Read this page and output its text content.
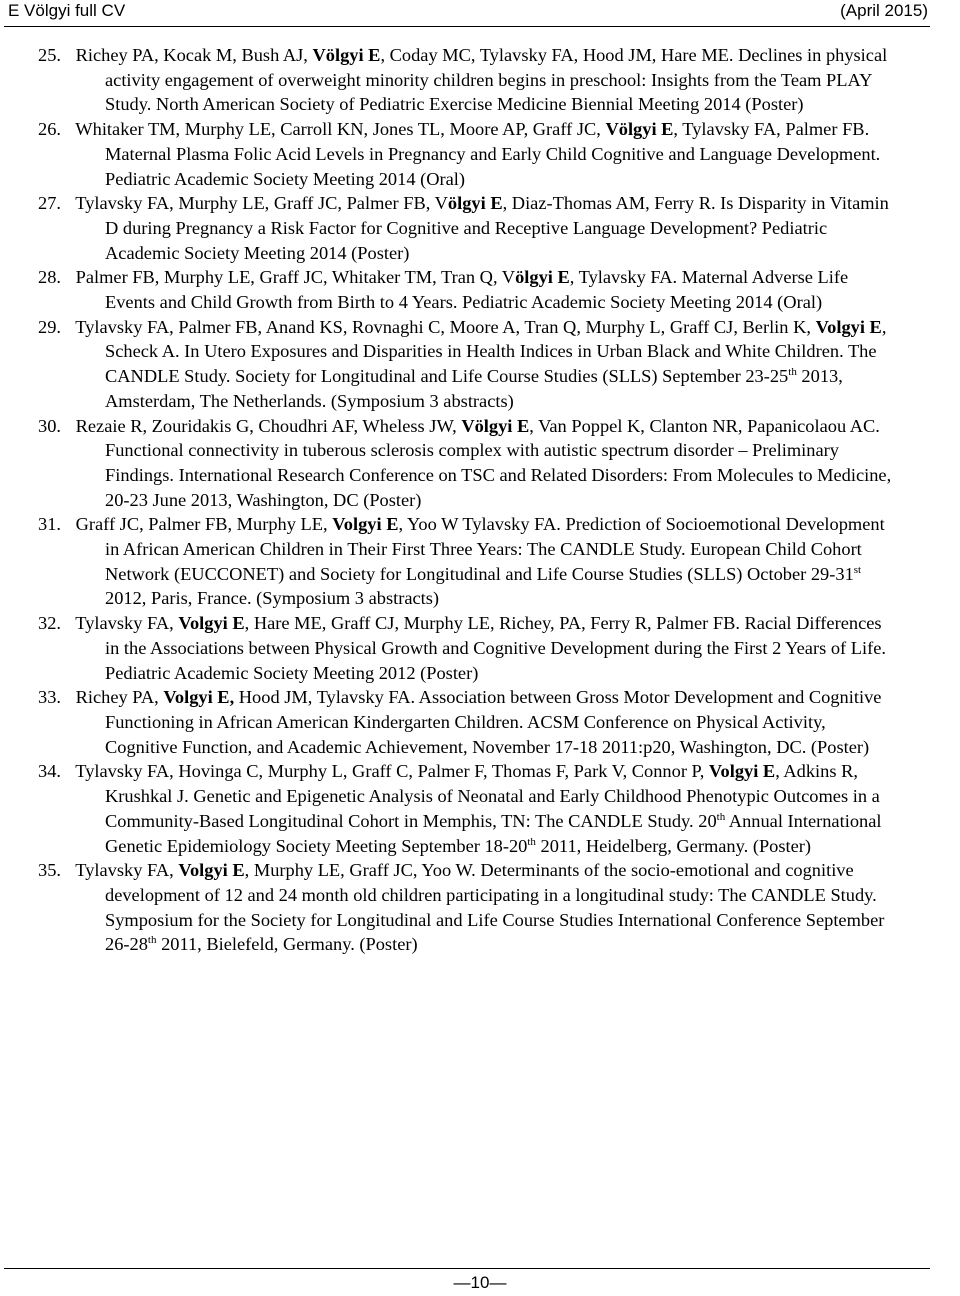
E Völgyi full CV	(April 2015)

25. Richey PA, Kocak M, Bush AJ, Völgyi E, Coday MC, Tylavsky FA, Hood JM, Hare ME. Declines in physical activity engagement of overweight minority children begins in preschool: Insights from the Team PLAY Study. North American Society of Pediatric Exercise Medicine Biennial Meeting 2014 (Poster)

26. Whitaker TM, Murphy LE, Carroll KN, Jones TL, Moore AP, Graff JC, Völgyi E, Tylavsky FA, Palmer FB. Maternal Plasma Folic Acid Levels in Pregnancy and Early Child Cognitive and Language Development. Pediatric Academic Society Meeting 2014 (Oral)

27. Tylavsky FA, Murphy LE, Graff JC, Palmer FB, Völgyi E, Diaz-Thomas AM, Ferry R. Is Disparity in Vitamin D during Pregnancy a Risk Factor for Cognitive and Receptive Language Development? Pediatric Academic Society Meeting 2014 (Poster)

28. Palmer FB, Murphy LE, Graff JC, Whitaker TM, Tran Q, Völgyi E, Tylavsky FA. Maternal Adverse Life Events and Child Growth from Birth to 4 Years. Pediatric Academic Society Meeting 2014 (Oral)

29. Tylavsky FA, Palmer FB, Anand KS, Rovnaghi C, Moore A, Tran Q, Murphy L, Graff CJ, Berlin K, Volgyi E, Scheck A. In Utero Exposures and Disparities in Health Indices in Urban Black and White Children. The CANDLE Study. Society for Longitudinal and Life Course Studies (SLLS) September 23-25th 2013, Amsterdam, The Netherlands. (Symposium 3 abstracts)

30. Rezaie R, Zouridakis G, Choudhri AF, Wheless JW, Völgyi E, Van Poppel K, Clanton NR, Papanicolaou AC. Functional connectivity in tuberous sclerosis complex with autistic spectrum disorder – Preliminary Findings. International Research Conference on TSC and Related Disorders: From Molecules to Medicine, 20-23 June 2013, Washington, DC (Poster)

31. Graff JC, Palmer FB, Murphy LE, Volgyi E, Yoo W Tylavsky FA. Prediction of Socioemotional Development in African American Children in Their First Three Years: The CANDLE Study. European Child Cohort Network (EUCCONET) and Society for Longitudinal and Life Course Studies (SLLS) October 29-31st 2012, Paris, France. (Symposium 3 abstracts)

32. Tylavsky FA, Volgyi E, Hare ME, Graff CJ, Murphy LE, Richey, PA, Ferry R, Palmer FB. Racial Differences in the Associations between Physical Growth and Cognitive Development during the First 2 Years of Life. Pediatric Academic Society Meeting 2012 (Poster)

33. Richey PA, Volgyi E, Hood JM, Tylavsky FA. Association between Gross Motor Development and Cognitive Functioning in African American Kindergarten Children. ACSM Conference on Physical Activity, Cognitive Function, and Academic Achievement, November 17-18 2011:p20, Washington, DC. (Poster)

34. Tylavsky FA, Hovinga C, Murphy L, Graff C, Palmer F, Thomas F, Park V, Connor P, Volgyi E, Adkins R, Krushkal J. Genetic and Epigenetic Analysis of Neonatal and Early Childhood Phenotypic Outcomes in a Community-Based Longitudinal Cohort in Memphis, TN: The CANDLE Study. 20th Annual International Genetic Epidemiology Society Meeting September 18-20th 2011, Heidelberg, Germany. (Poster)

35. Tylavsky FA, Volgyi E, Murphy LE, Graff JC, Yoo W. Determinants of the socio-emotional and cognitive development of 12 and 24 month old children participating in a longitudinal study: The CANDLE Study. Symposium for the Society for Longitudinal and Life Course Studies International Conference September 26-28th 2011, Bielefeld, Germany. (Poster)

—10—
